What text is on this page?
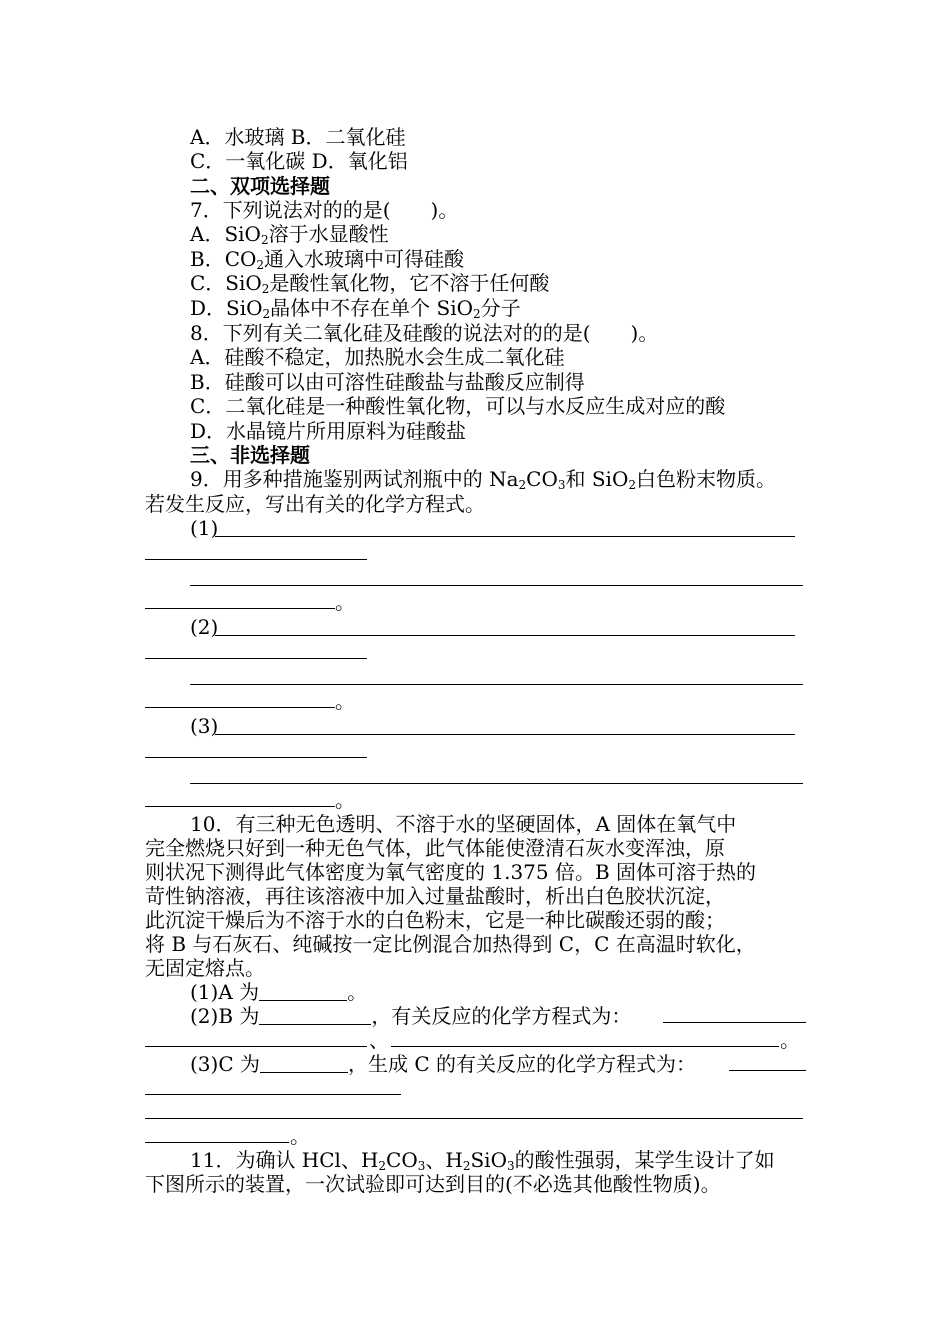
A．水玻璃 B．二氧化硅
C．一氧化碳 D．氧化铝
二、双项选择题
7．下列说法对的的是(　　)。
A．SiO$_2$溶于水显酸性
B．$CO_2$通入水玻璃中可得硅酸
C．SiO$_2$是酸性氧化物，它不溶于任何酸
D．SiO$_2$晶体中不存在单个 SiO$_2$分子
8．下列有关二氧化硅及硅酸的说法对的的是(　　)。
A．硅酸不稳定，加热脱水会生成二氧化硅
B．硅酸可以由可溶性硅酸盐与盐酸反应制得
C．二氧化硅是一种酸性氧化物，可以与水反应生成对应的酸
D．水晶镜片所用原料为硅酸盐
三、非选择题
9．用多种措施鉴别两试剂瓶中的 $Na_2CO_3$和 SiO$_2$白色粉末物质。
若发生反应，写出有关的化学方程式。
(1)
。
(2)
。
(3)
。
10．有三种无色透明、不溶于水的坚硬固体，A 固体在氧气中
完全燃烧只好到一种无色气体，此气体能使澄清石灰水变浑浊，原
则状况下测得此气体密度为氧气密度的 1.375 倍。B 固体可溶于热的
苛性钠溶液，再往该溶液中加入过量盐酸时，析出白色胶状沉淀，
此沉淀干燥后为不溶于水的白色粉末，它是一种比碳酸还弱的酸；
将 B 与石灰石、纯碱按一定比例混合加热得到 C，C 在高温时软化，
无固定熔点。
(1)A 为	。
(2)B 为	，有关反应的化学方程式为：
、	。
(3)C 为	，生成 C 的有关反应的化学方程式为：
。
11．为确认 HCl、$H_2CO_3$、$H_2SiO_3$的酸性强弱，某学生设计了如
下图所示的装置，一次试验即可达到目的(不必选其他酸性物质)。
